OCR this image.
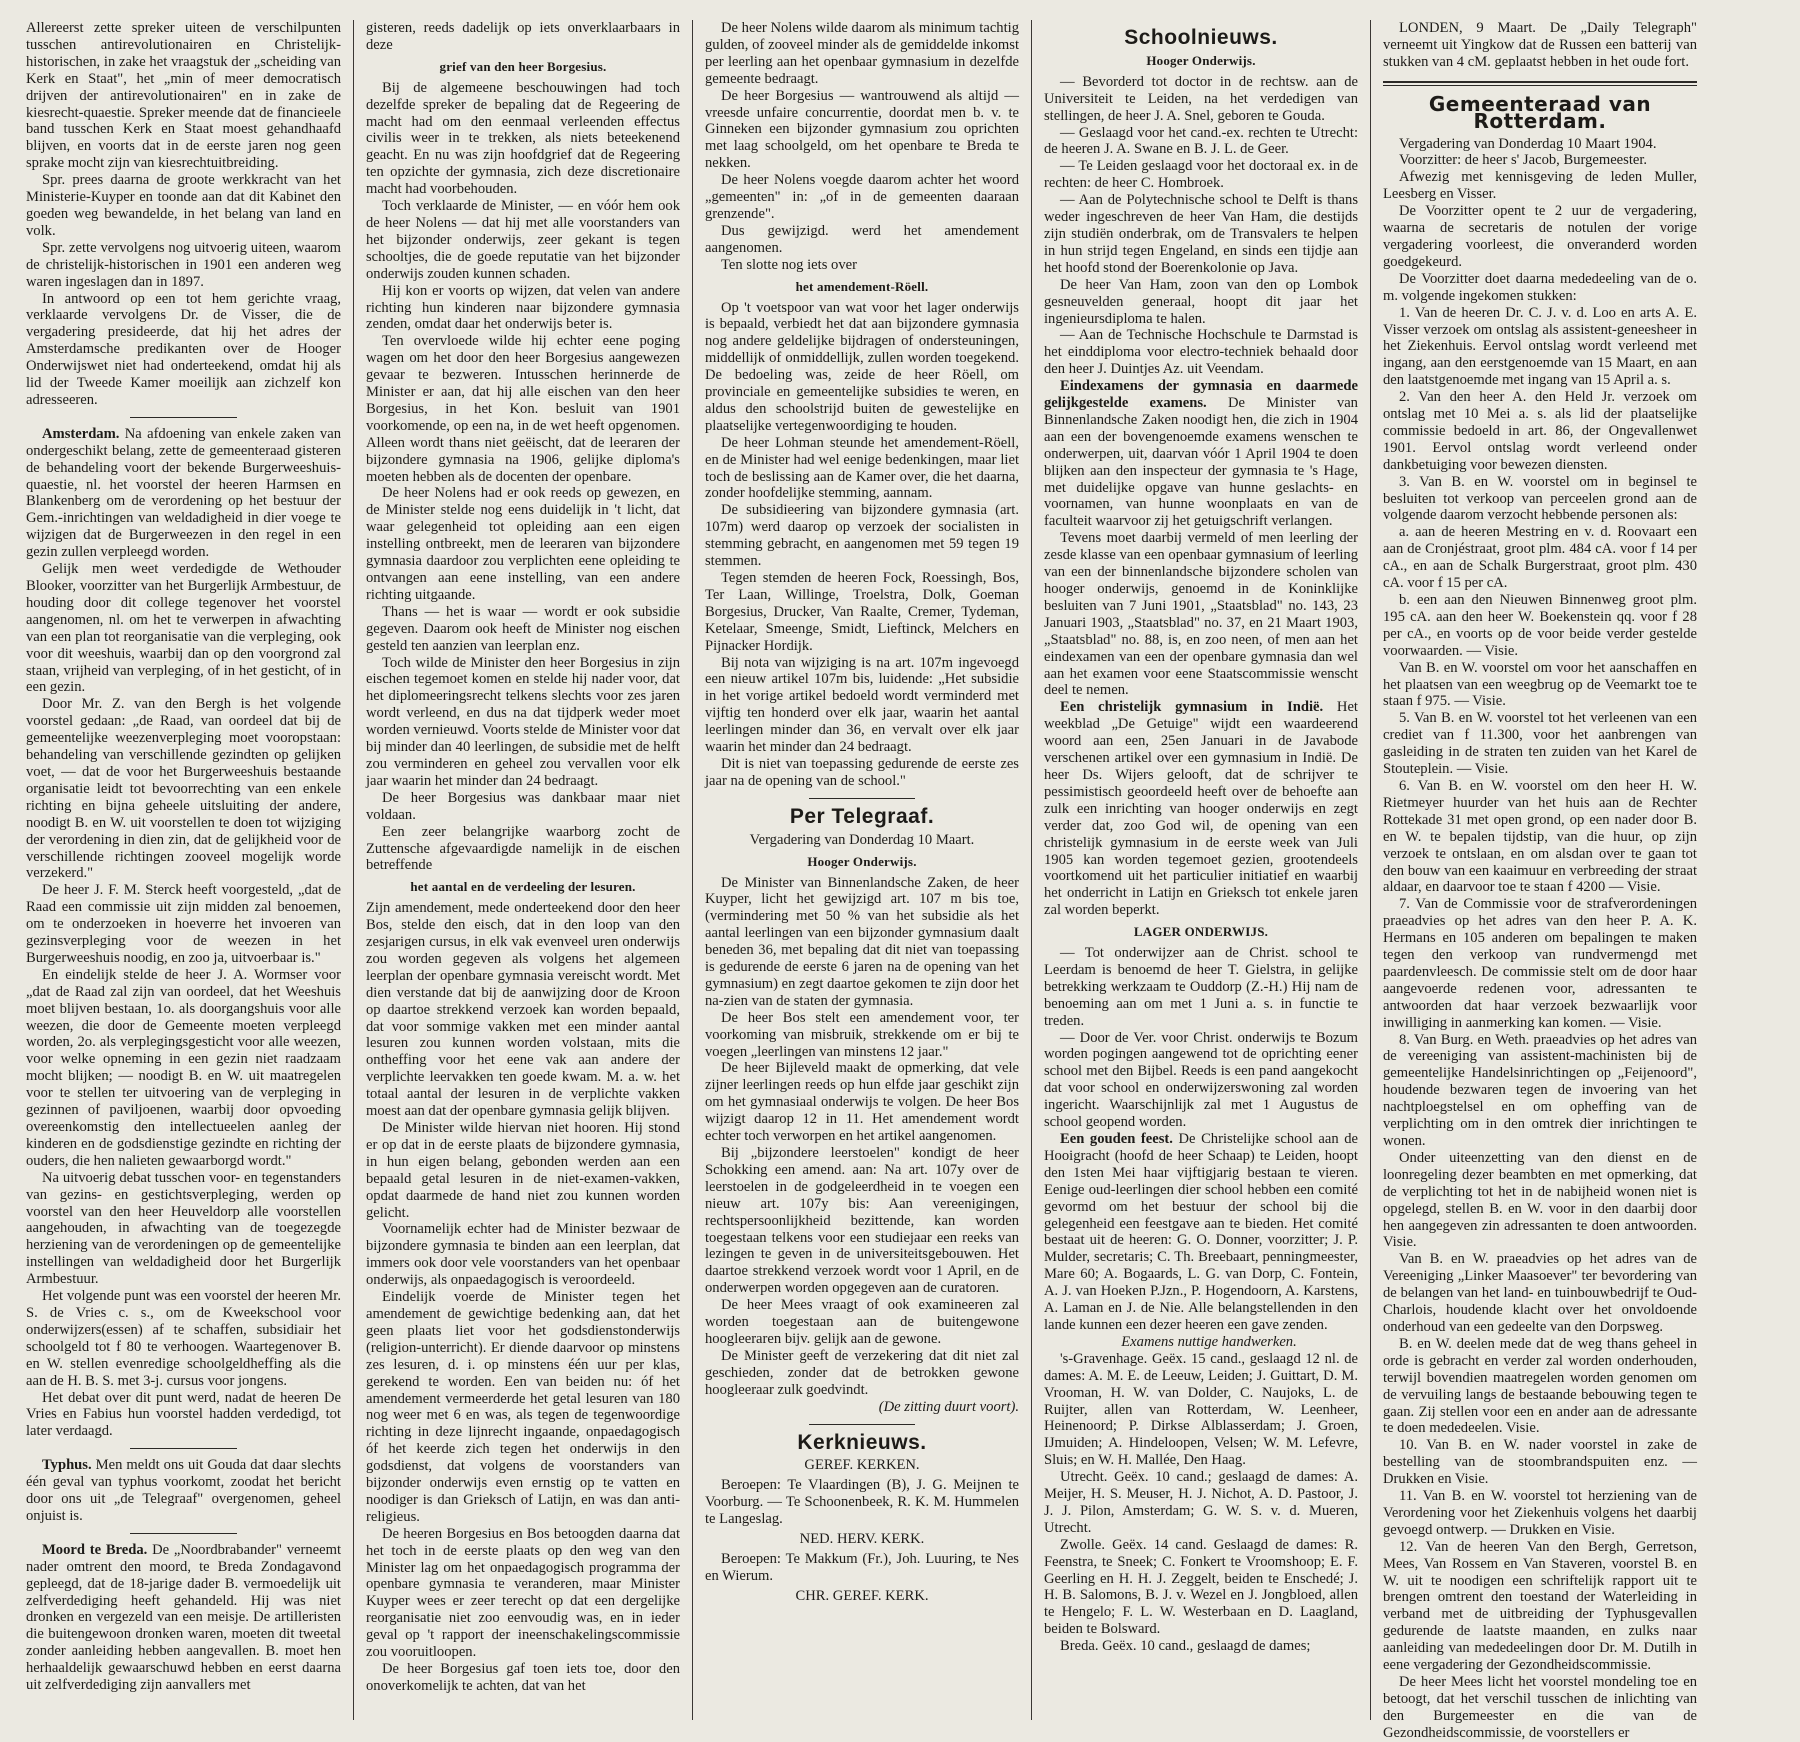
Allereerst zette spreker uiteen de verschilpunten tusschen antirevolutionairen en Christelijk-historischen, in zake het vraagstuk der „scheiding van Kerk en Staat", het „min of meer democratisch drijven der antirevolutionairen" en in zake de kiesrecht-quaestie. Spreker meende dat de financieele band tusschen Kerk en Staat moest gehandhaafd blijven, en voorts dat in de eerste jaren nog geen sprake mocht zijn van kiesrechtuitbreiding.

Spr. prees daarna de groote werkkracht van het Ministerie-Kuyper en toonde aan dat dit Kabinet den goeden weg bewandelde, in het belang van land en volk.

Spr. zette vervolgens nog uitvoerig uiteen, waarom de christelijk-historischen in 1901 een anderen weg waren ingeslagen dan in 1897.

In antwoord op een tot hem gerichte vraag, verklaarde vervolgens Dr. de Visser, die de vergadering presideerde, dat hij het adres der Amsterdamsche predikanten over de Hooger Onderwijswet niet had onderteekend, omdat hij als lid der Tweede Kamer moeilijk aan zichzelf kon adresseeren.

Amsterdam. Na afdoening van enkele zaken van ondergeschikt belang, zette de gemeenteraad gisteren de behandeling voort der bekende Burgerweeshuis-quaestie, nl. het voorstel der heeren Harmsen en Blankenberg om de verordening op het bestuur der Gem.-inrichtingen van weldadigheid in dier voege te wijzigen dat de Burgerweezen in den regel in een gezin zullen verpleegd worden.

Gelijk men weet verdedigde de Wethouder Blooker, voorzitter van het Burgerlijk Armbestuur, de houding door dit college tegenover het voorstel aangenomen, nl. om het te verwerpen in afwachting van een plan tot reorganisatie van die verpleging, ook voor dit weeshuis, waarbij dan op den voorgrond zal staan, vrijheid van verpleging, of in het gesticht, of in een gezin.

Door Mr. Z. van den Bergh is het volgende voorstel gedaan: „de Raad, van oordeel dat bij de gemeentelijke weezenverpleging moet vooropstaan: behandeling van verschillende gezindten op gelijken voet, — dat de voor het Burgerweeshuis bestaande organisatie leidt tot bevoorrechting van een enkele richting en bijna geheele uitsluiting der andere, noodigt B. en W. uit voorstellen te doen tot wijziging der verordening in dien zin, dat de gelijkheid voor de verschillende richtingen zooveel mogelijk worde verzekerd."

De heer J. F. M. Sterck heeft voorgesteld, „dat de Raad een commissie uit zijn midden zal benoemen, om te onderzoeken in hoeverre het invoeren van gezinsverpleging voor de weezen in het Burgerweeshuis noodig, en zoo ja, uitvoerbaar is."

En eindelijk stelde de heer J. A. Wormser voor „dat de Raad zal zijn van oordeel, dat het Weeshuis moet blijven bestaan, 1o. als doorgangshuis voor alle weezen, die door de Gemeente moeten verpleegd worden, 2o. als verplegingsgesticht voor alle weezen, voor welke opneming in een gezin niet raadzaam mocht blijken; — noodigt B. en W. uit maatregelen voor te stellen ter uitvoering van de verpleging in gezinnen of paviljoenen, waarbij door opvoeding overeenkomstig den intellectueelen aanleg der kinderen en de godsdienstige gezindte en richting der ouders, die hen nalieten gewaarborgd wordt."

Na uitvoerig debat tusschen voor- en tegenstanders van gezins- en gestichtsverpleging, werden op voorstel van den heer Heuveldorp alle voorstellen aangehouden, in afwachting van de toegezegde herziening van de verordeningen op de gemeentelijke instellingen van weldadigheid door het Burgerlijk Armbestuur.

Het volgende punt was een voorstel der heeren Mr. S. de Vries c. s., om de Kweekschool voor onderwijzers(essen) af te schaffen, subsidiair het schoolgeld tot f 80 te verhoogen. Waartegenover B. en W. stellen evenredige schoolgeldheffing als die aan de H. B. S. met 3-j. cursus voor jongens.

Het debat over dit punt werd, nadat de heeren De Vries en Fabius hun voorstel hadden verdedigd, tot later verdaagd.

Typhus. Men meldt ons uit Gouda dat daar slechts één geval van typhus voorkomt, zoodat het bericht door ons uit „de Telegraaf" overgenomen, geheel onjuist is.

Moord te Breda. De „Noordbrabander" verneemt nader omtrent den moord, te Breda Zondagavond gepleegd, dat de 18-jarige dader B. vermoedelijk uit zelfverdediging heeft gehandeld. Hij was niet dronken en vergezeld van een meisje. De artilleristen die buitengewoon dronken waren, moeten dit tweetal zonder aanleiding hebben aangevallen. B. moet hen herhaaldelijk gewaarschuwd hebben en eerst daarna uit zelfverdediging zijn aanvallers met

gisteren, reeds dadelijk op iets onverklaarbaars in deze

grief van den heer Borgesius.

Bij de algemeene beschouwingen had toch dezelfde spreker de bepaling dat de Regeering de macht had om den eenmaal verleenden effectus civilis weer in te trekken, als niets beteekenend geacht. En nu was zijn hoofdgrief dat de Regeering ten opzichte der gymnasia, zich deze discretionaire macht had voorbehouden.

Toch verklaarde de Minister, — en vóór hem ook de heer Nolens — dat hij met alle voorstanders van het bijzonder onderwijs, zeer gekant is tegen schooltjes, die de goede reputatie van het bijzonder onderwijs zouden kunnen schaden.

Hij kon er voorts op wijzen, dat velen van andere richting hun kinderen naar bijzondere gymnasia zenden, omdat daar het onderwijs beter is.

Ten overvloede wilde hij echter eene poging wagen om het door den heer Borgesius aangewezen gevaar te bezweren. Intusschen herinnerde de Minister er aan, dat hij alle eischen van den heer Borgesius, in het Kon. besluit van 1901 voorkomende, op een na, in de wet heeft opgenomen. Alleen wordt thans niet geëischt, dat de leeraren der bijzondere gymnasia na 1906, gelijke diploma's moeten hebben als de docenten der openbare.

De heer Nolens had er ook reeds op gewezen, en de Minister stelde nog eens duidelijk in 't licht, dat waar gelegenheid tot opleiding aan een eigen instelling ontbreekt, men de leeraren van bijzondere gymnasia daardoor zou verplichten eene opleiding te ontvangen aan eene instelling, van een andere richting uitgaande.

Thans — het is waar — wordt er ook subsidie gegeven. Daarom ook heeft de Minister nog eischen gesteld ten aanzien van leerplan enz.

Toch wilde de Minister den heer Borgesius in zijn eischen tegemoet komen en stelde hij nader voor, dat het diplomeeringsrecht telkens slechts voor zes jaren wordt verleend, en dus na dat tijdperk weder moet worden vernieuwd. Voorts stelde de Minister voor dat bij minder dan 40 leerlingen, de subsidie met de helft zou verminderen en geheel zou vervallen voor elk jaar waarin het minder dan 24 bedraagt.

De heer Borgesius was dankbaar maar niet voldaan.

Een zeer belangrijke waarborg zocht de Zuttensche afgevaardigde namelijk in de eischen betreffende

het aantal en de verdeeling der lesuren.

Zijn amendement, mede onderteekend door den heer Bos, stelde den eisch, dat in den loop van den zesjarigen cursus, in elk vak evenveel uren onderwijs zou worden gegeven als volgens het algemeen leerplan der openbare gymnasia vereischt wordt. Met dien verstande dat bij de aanwijzing door de Kroon op daartoe strekkend verzoek kan worden bepaald, dat voor sommige vakken met een minder aantal lesuren zou kunnen worden volstaan, mits die ontheffing voor het eene vak aan andere der verplichte leervakken ten goede kwam. M. a. w. het totaal aantal der lesuren in de verplichte vakken moest aan dat der openbare gymnasia gelijk blijven.

De Minister wilde hiervan niet hooren. Hij stond er op dat in de eerste plaats de bijzondere gymnasia, in hun eigen belang, gebonden werden aan een bepaald getal lesuren in de niet-examen-vakken, opdat daarmede de hand niet zou kunnen worden gelicht.

Voornamelijk echter had de Minister bezwaar de bijzondere gymnasia te binden aan een leerplan, dat immers ook door vele voorstanders van het openbaar onderwijs, als onpaedagogisch is veroordeeld.

Eindelijk voerde de Minister tegen het amendement de gewichtige bedenking aan, dat het geen plaats liet voor het godsdienstonderwijs (religion-unterricht). Er diende daarvoor op minstens zes lesuren, d. i. op minstens één uur per klas, gerekend te worden. Een van beiden nu: óf het amendement vermeerderde het getal lesuren van 180 nog weer met 6 en was, als tegen de tegenwoordige richting in deze lijnrecht ingaande, onpaedagogisch óf het keerde zich tegen het onderwijs in den godsdienst, dat volgens de voorstanders van bijzonder onderwijs even ernstig op te vatten en noodiger is dan Grieksch of Latijn, en was dan anti-religieus.

De heeren Borgesius en Bos betoogden daarna dat het toch in de eerste plaats op den weg van den Minister lag om het onpaedagogisch programma der openbare gymnasia te veranderen, maar Minister Kuyper wees er zeer terecht op dat een dergelijke reorganisatie niet zoo eenvoudig was, en in ieder geval op 't rapport der ineenschakelingscommissie zou vooruitloopen.

De heer Borgesius gaf toen iets toe, door den onoverkomelijk te achten, dat van het

De heer Nolens wilde daarom als minimum tachtig gulden, of zooveel minder als de gemiddelde inkomst per leerling aan het openbaar gymnasium in dezelfde gemeente bedraagt.

De heer Borgesius — wantrouwend als altijd — vreesde unfaire concurrentie, doordat men b. v. te Ginneken een bijzonder gymnasium zou oprichten met laag schoolgeld, om het openbare te Breda te nekken.

De heer Nolens voegde daarom achter het woord „gemeenten" in: „of in de gemeenten daaraan grenzende".

Dus gewijzigd. werd het amendement aangenomen.

Ten slotte nog iets over

het amendement-Röell.

Op 't voetspoor van wat voor het lager onderwijs is bepaald, verbiedt het dat aan bijzondere gymnasia nog andere geldelijke bijdragen of ondersteuningen, middellijk of onmiddellijk, zullen worden toegekend. De bedoeling was, zeide de heer Röell, om provinciale en gemeentelijke subsidies te weren, en aldus den schoolstrijd buiten de gewestelijke en plaatselijke vertegenwoordiging te houden.

De heer Lohman steunde het amendement-Röell, en de Minister had wel eenige bedenkingen, maar liet toch de beslissing aan de Kamer over, die het daarna, zonder hoofdelijke stemming, aannam.

De subsidieering van bijzondere gymnasia (art. 107m) werd daarop op verzoek der socialisten in stemming gebracht, en aangenomen met 59 tegen 19 stemmen.

Tegen stemden de heeren Fock, Roessingh, Bos, Ter Laan, Willinge, Troelstra, Dolk, Goeman Borgesius, Drucker, Van Raalte, Cremer, Tydeman, Ketelaar, Smeenge, Smidt, Lieftinck, Melchers en Pijnacker Hordijk.

Bij nota van wijziging is na art. 107m ingevoegd een nieuw artikel 107m bis, luidende: „Het subsidie in het vorige artikel bedoeld wordt verminderd met vijftig ten honderd over elk jaar, waarin het aantal leerlingen minder dan 36, en vervalt over elk jaar waarin het minder dan 24 bedraagt.

Dit is niet van toepassing gedurende de eerste zes jaar na de opening van de school."

Per Telegraaf.
Vergadering van Donderdag 10 Maart.
Hooger Onderwijs.

De Minister van Binnenlandsche Zaken, de heer Kuyper, licht het gewijzigd art. 107 m bis toe, (vermindering met 50 % van het subsidie als het aantal leerlingen van een bijzonder gymnasium daalt beneden 36, met bepaling dat dit niet van toepassing is gedurende de eerste 6 jaren na de opening van het gymnasium) en zegt daartoe gekomen te zijn door het na-zien van de staten der gymnasia.

De heer Bos stelt een amendement voor, ter voorkoming van misbruik, strekkende om er bij te voegen „leerlingen van minstens 12 jaar."

De heer Bijleveld maakt de opmerking, dat vele zijner leerlingen reeds op hun elfde jaar geschikt zijn om het gymnasiaal onderwijs te volgen. De heer Bos wijzigt daarop 12 in 11. Het amendement wordt echter toch verworpen en het artikel aangenomen.

Bij „bijzondere leerstoelen" kondigt de heer Schokking een amend. aan: Na art. 107y over de leerstoelen in de godgeleerdheid in te voegen een nieuw art. 107y bis: Aan vereenigingen, rechtspersoonlijkheid bezittende, kan worden toegestaan telkens voor een studiejaar een reeks van lezingen te geven in de universiteitsgebouwen. Het daartoe strekkend verzoek wordt voor 1 April, en de onderwerpen worden opgegeven aan de curatoren.

De heer Mees vraagt of ook examineeren zal worden toegestaan aan de buitengewone hoogleeraren bijv. gelijk aan de gewone.

De Minister geeft de verzekering dat dit niet zal geschieden, zonder dat de betrokken gewone hoogleeraar zulk goedvindt.

(De zitting duurt voort).

Kerknieuws.
GEREF. KERKEN.

Beroepen: Te Vlaardingen (B), J. G. Meijnen te Voorburg. — Te Schoonenbeek, R. K. M. Hummelen te Langeslag.

NED. HERV. KERK.

Beroepen: Te Makkum (Fr.), Joh. Luuring, te Nes en Wierum.

CHR. GEREF. KERK.
Schoolnieuws.
Hooger Onderwijs.

— Bevorderd tot doctor in de rechtsw. aan de Universiteit te Leiden, na het verdedigen van stellingen, de heer J. A. Snel, geboren te Gouda.

— Geslaagd voor het cand.-ex. rechten te Utrecht: de heeren J. A. Swane en B. J. L. de Geer.

— Te Leiden geslaagd voor het doctoraal ex. in de rechten: de heer C. Hombroek.

— Aan de Polytechnische school te Delft is thans weder ingeschreven de heer Van Ham, die destijds zijn studiën onderbrak, om de Transvalers te helpen in hun strijd tegen Engeland, en sinds een tijdje aan het hoofd stond der Boerenkolonie op Java.

De heer Van Ham, zoon van den op Lombok gesneuvelden generaal, hoopt dit jaar het ingenieursdiploma te halen.

— Aan de Technische Hochschule te Darmstad is het einddiploma voor electro-techniek behaald door den heer J. Duintjes Az. uit Veendam.

Eindexamens der gymnasia en daarmede gelijkgestelde examens. De Minister van Binnenlandsche Zaken noodigt hen, die zich in 1904 aan een der bovengenoemde examens wenschen te onderwerpen, uit, daarvan vóór 1 April 1904 te doen blijken aan den inspecteur der gymnasia te 's Hage, met duidelijke opgave van hunne geslachts- en voornamen, van hunne woonplaats en van de faculteit waarvoor zij het getuigschrift verlangen.

Tevens moet daarbij vermeld of men leerling der zesde klasse van een openbaar gymnasium of leerling van een der binnenlandsche bijzondere scholen van hooger onderwijs, genoemd in de Koninklijke besluiten van 7 Juni 1901, „Staatsblad" no. 143, 23 Januari 1903, „Staatsblad" no. 37, en 21 Maart 1903, „Staatsblad" no. 88, is, en zoo neen, of men aan het eindexamen van een der openbare gymnasia dan wel aan het examen voor eene Staatscommissie wenscht deel te nemen.

Een christelijk gymnasium in Indië. Het weekblad „De Getuige" wijdt een waardeerend woord aan een, 25en Januari in de Javabode verschenen artikel over een gymnasium in Indië. De heer Ds. Wijers gelooft, dat de schrijver te pessimistisch geoordeeld heeft over de behoefte aan zulk een inrichting van hooger onderwijs en zegt verder dat, zoo God wil, de opening van een christelijk gymnasium in de eerste week van Juli 1905 kan worden tegemoet gezien, grootendeels voortkomend uit het particulier initiatief en waarbij het onderricht in Latijn en Grieksch tot enkele jaren zal worden beperkt.

LAGER ONDERWIJS.

— Tot onderwijzer aan de Christ. school te Leerdam is benoemd de heer T. Gielstra, in gelijke betrekking werkzaam te Ouddorp (Z.-H.) Hij nam de benoeming aan om met 1 Juni a. s. in functie te treden.

— Door de Ver. voor Christ. onderwijs te Bozum worden pogingen aangewend tot de oprichting eener school met den Bijbel. Reeds is een pand aangekocht dat voor school en onderwijzerswoning zal worden ingericht. Waarschijnlijk zal met 1 Augustus de school geopend worden.

Een gouden feest. De Christelijke school aan de Hooigracht (hoofd de heer Schaap) te Leiden, hoopt den 1sten Mei haar vijftigjarig bestaan te vieren. Eenige oud-leerlingen dier school hebben een comité gevormd om het bestuur der school bij die gelegenheid een feestgave aan te bieden. Het comité bestaat uit de heeren: G. O. Donner, voorzitter; J. P. Mulder, secretaris; C. Th. Breebaart, penningmeester, Mare 60; A. Bogaards, L. G. van Dorp, C. Fontein, A. J. van Hoeken P.Jzn., P. Hogendoorn, A. Karstens, A. Laman en J. de Nie. Alle belangstellenden in den lande kunnen een dezer heeren een gave zenden.

Examens nuttige handwerken.

's-Gravenhage. Geëx. 15 cand., geslaagd 12 nl. de dames: A. M. E. de Leeuw, Leiden; J. Guittart, D. M. Vrooman, H. W. van Dolder, C. Naujoks, L. de Ruijter, allen van Rotterdam, W. Leenheer, Heinenoord; P. Dirkse Alblasserdam; J. Groen, IJmuiden; A. Hindeloopen, Velsen; W. M. Lefevre, Sluis; en W. H. Mallée, Den Haag.

Utrecht. Geëx. 10 cand.; geslaagd de dames: A. Meijer, H. S. Meuser, H. J. Nichot, A. D. Pastoor, J. J. J. Pilon, Amsterdam; G. W. S. v. d. Mueren, Utrecht.

Zwolle. Geëx. 14 cand. Geslaagd de dames: R. Feenstra, te Sneek; C. Fonkert te Vroomshoop; E. F. Geerling en H. H. J. Zeggelt, beiden te Enschedé; J. H. B. Salomons, B. J. v. Wezel en J. Jongbloed, allen te Hengelo; F. L. W. Westerbaan en D. Laagland, beiden te Bolsward.

Breda. Geëx. 10 cand., geslaagd de dames;

LONDEN, 9 Maart. De „Daily Telegraph" verneemt uit Yingkow dat de Russen een batterij van stukken van 4 cM. geplaatst hebben in het oude fort.

Gemeenteraad van Rotterdam.

Vergadering van Donderdag 10 Maart 1904.

Voorzitter: de heer s' Jacob, Burgemeester.

Afwezig met kennisgeving de leden Muller, Leesberg en Visser.

De Voorzitter opent te 2 uur de vergadering, waarna de secretaris de notulen der vorige vergadering voorleest, die onveranderd worden goedgekeurd.

De Voorzitter doet daarna mededeeling van de o. m. volgende ingekomen stukken:

1. Van de heeren Dr. C. J. v. d. Loo en arts A. E. Visser verzoek om ontslag als assistent-geneesheer in het Ziekenhuis. Eervol ontslag wordt verleend met ingang, aan den eerstgenoemde van 15 Maart, en aan den laatstgenoemde met ingang van 15 April a. s.

2. Van den heer A. den Held Jr. verzoek om ontslag met 10 Mei a. s. als lid der plaatselijke commissie bedoeld in art. 86, der Ongevallenwet 1901. Eervol ontslag wordt verleend onder dankbetuiging voor bewezen diensten.

3. Van B. en W. voorstel om in beginsel te besluiten tot verkoop van perceelen grond aan de volgende daarom verzocht hebbende personen als:

a. aan de heeren Mestring en v. d. Roovaart een aan de Cronjéstraat, groot plm. 484 cA. voor f 14 per cA., en aan de Schalk Burgerstraat, groot plm. 430 cA. voor f 15 per cA.

b. een aan den Nieuwen Binnenweg groot plm. 195 cA. aan den heer W. Boekenstein qq. voor f 28 per cA., en voorts op de voor beide verder gestelde voorwaarden. — Visie.

Van B. en W. voorstel om voor het aanschaffen en het plaatsen van een weegbrug op de Veemarkt toe te staan f 975. — Visie.

5. Van B. en W. voorstel tot het verleenen van een crediet van f 11.300, voor het aanbrengen van gasleiding in de straten ten zuiden van het Karel de Stouteplein. — Visie.

6. Van B. en W. voorstel om den heer H. W. Rietmeyer huurder van het huis aan de Rechter Rottekade 31 met open grond, op een nader door B. en W. te bepalen tijdstip, van die huur, op zijn verzoek te ontslaan, en om alsdan over te gaan tot den bouw van een kaaimuur en verbreeding der straat aldaar, en daarvoor toe te staan f 4200 — Visie.

7. Van de Commissie voor de strafverordeningen praeadvies op het adres van den heer P. A. K. Hermans en 105 anderen om bepalingen te maken tegen den verkoop van rundvermengd met paardenvleesch. De commissie stelt om de door haar aangevoerde redenen voor, adressanten te antwoorden dat haar verzoek bezwaarlijk voor inwilliging in aanmerking kan komen. — Visie.

8. Van Burg. en Weth. praeadvies op het adres van de vereeniging van assistent-machinisten bij de gemeentelijke Handelsinrichtingen op „Feijenoord", houdende bezwaren tegen de invoering van het nachtploegstelsel en om opheffing van de verplichting om in den omtrek dier inrichtingen te wonen.

Onder uiteenzetting van den dienst en de loonregeling dezer beambten en met opmerking, dat de verplichting tot het in de nabijheid wonen niet is opgelegd, stellen B. en W. voor in den daarbij door hen aangegeven zin adressanten te doen antwoorden. Visie.

Van B. en W. praeadvies op het adres van de Vereeniging „Linker Maasoever" ter bevordering van de belangen van het land- en tuinbouwbedrijf te Oud-Charlois, houdende klacht over het onvoldoende onderhoud van een gedeelte van den Dorpsweg.

B. en W. deelen mede dat de weg thans geheel in orde is gebracht en verder zal worden onderhouden, terwijl bovendien maatregelen worden genomen om de vervuiling langs de bestaande bebouwing tegen te gaan. Zij stellen voor een en ander aan de adressante te doen mededeelen. Visie.

10. Van B. en W. nader voorstel in zake de bestelling van de stoombrandspuiten enz. — Drukken en Visie.

11. Van B. en W. voorstel tot herziening van de Verordening voor het Ziekenhuis volgens het daarbij gevoegd ontwerp. — Drukken en Visie.

12. Van de heeren Van den Bergh, Gerretson, Mees, Van Rossem en Van Staveren, voorstel B. en W. uit te noodigen een schriftelijk rapport uit te brengen omtrent den toestand der Waterleiding in verband met de uitbreiding der Typhusgevallen gedurende de laatste maanden, en zulks naar aanleiding van mededeelingen door Dr. M. Dutilh in eene vergadering der Gezondheidscommissie.

De heer Mees licht het voorstel mondeling toe en betoogt, dat het verschil tusschen de inlichting van den Burgemeester en die van de Gezondheidscommissie, de voorstellers er
